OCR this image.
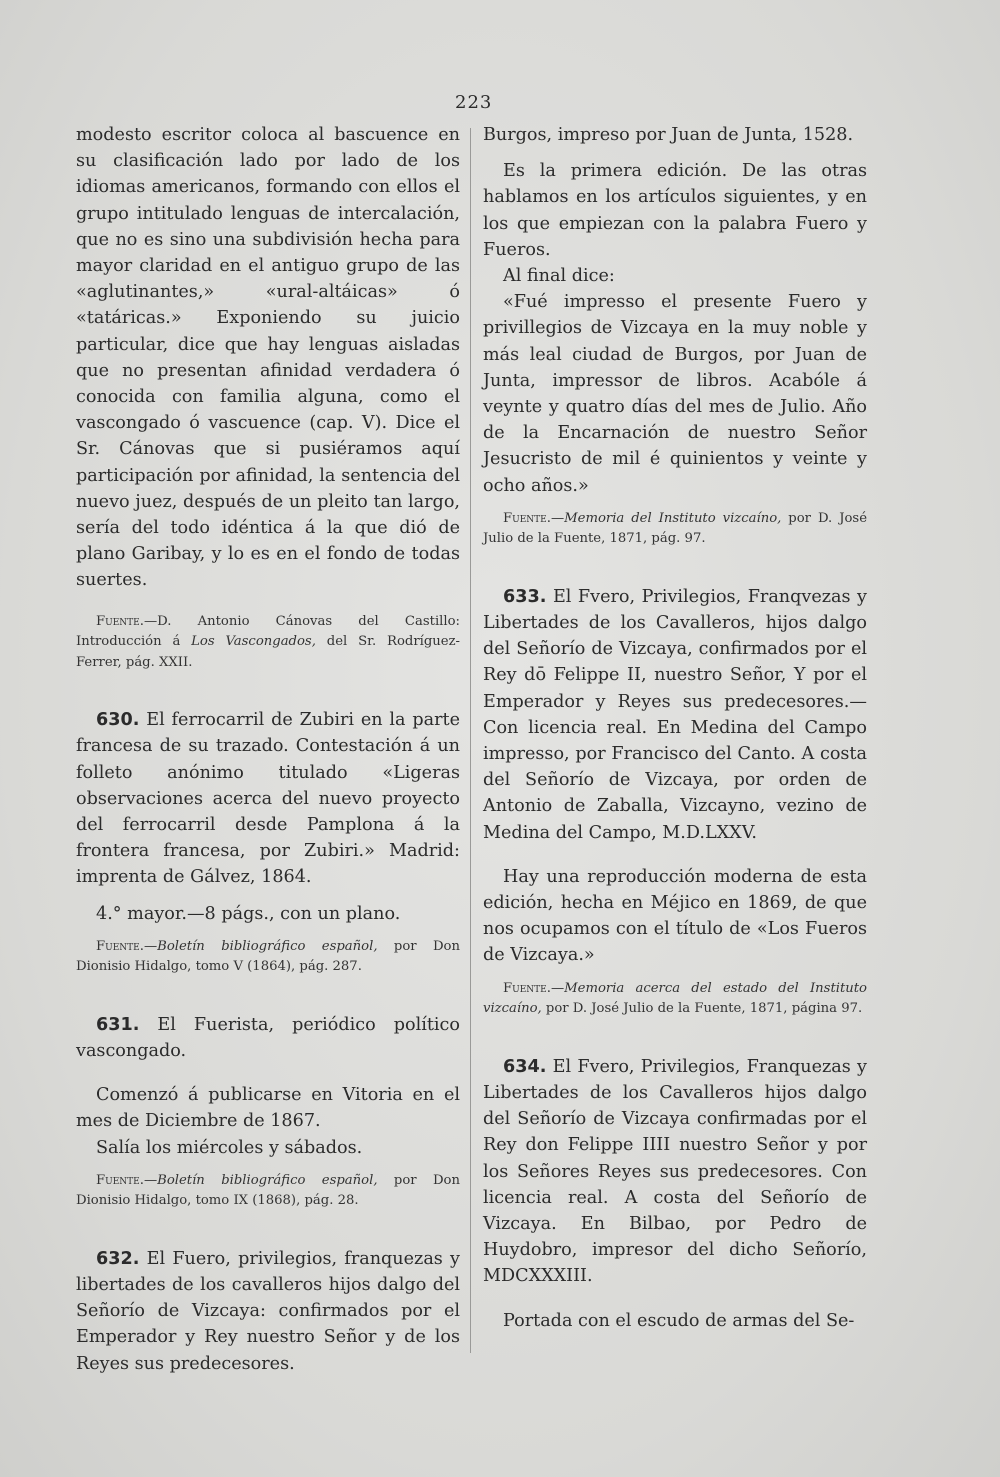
223

modesto escritor coloca al bascuence en su clasificación lado por lado de los idiomas americanos, formando con ellos el grupo intitulado lenguas de intercalación, que no es sino una subdivisión hecha para mayor claridad en el antiguo grupo de las «aglutinantes,» «ural-altáicas» ó «tatáricas.» Exponiendo su juicio particular, dice que hay lenguas aisladas que no presentan afinidad verdadera ó conocida con familia alguna, como el vascongado ó vascuence (cap. V). Dice el Sr. Cánovas que si pusiéramos aquí participación por afinidad, la sentencia del nuevo juez, después de un pleito tan largo, sería del todo idéntica á la que dió de plano Garibay, y lo es en el fondo de todas suertes.

Fuente.—D. Antonio Cánovas del Castillo: Introducción á Los Vascongados, del Sr. Rodríguez-Ferrer, pág. XXII.

630. El ferrocarril de Zubiri en la parte francesa de su trazado. Contestación á un folleto anónimo titulado «Ligeras observaciones acerca del nuevo proyecto del ferrocarril desde Pamplona á la frontera francesa, por Zubiri.» Madrid: imprenta de Gálvez, 1864.

4.° mayor.—8 págs., con un plano.

Fuente.—Boletín bibliográfico español, por Don Dionisio Hidalgo, tomo V (1864), pág. 287.

631. El Fuerista, periódico político vascongado.

Comenzó á publicarse en Vitoria en el mes de Diciembre de 1867.

Salía los miércoles y sábados.

Fuente.—Boletín bibliográfico español, por Don Dionisio Hidalgo, tomo IX (1868), pág. 28.

632. El Fuero, privilegios, franquezas y libertades de los cavalleros hijos dalgo del Señorío de Vizcaya: confirmados por el Emperador y Rey nuestro Señor y de los Reyes sus predecesores.

Burgos, impreso por Juan de Junta, 1528.

Es la primera edición. De las otras hablamos en los artículos siguientes, y en los que empiezan con la palabra Fuero y Fueros.

Al final dice:

«Fué impresso el presente Fuero y privillegios de Vizcaya en la muy noble y más leal ciudad de Burgos, por Juan de Junta, impressor de libros. Acabóle á veynte y quatro días del mes de Julio. Año de la Encarnación de nuestro Señor Jesucristo de mil é quinientos y veinte y ocho años.»

Fuente.—Memoria del Instituto vizcaíno, por D. José Julio de la Fuente, 1871, pág. 97.

633. El Fvero, Privilegios, Franqvezas y Libertades de los Cavalleros, hijos dalgo del Señorío de Vizcaya, confirmados por el Rey dō Felippe II, nuestro Señor, Y por el Emperador y Reyes sus predecesores.—Con licencia real. En Medina del Campo impresso, por Francisco del Canto. A costa del Señorío de Vizcaya, por orden de Antonio de Zaballa, Vizcayno, vezino de Medina del Campo, M.D.LXXV.

Hay una reproducción moderna de esta edición, hecha en Méjico en 1869, de que nos ocupamos con el título de «Los Fueros de Vizcaya.»

Fuente.—Memoria acerca del estado del Instituto vizcaíno, por D. José Julio de la Fuente, 1871, página 97.

634. El Fvero, Privilegios, Franquezas y Libertades de los Cavalleros hijos dalgo del Señorío de Vizcaya confirmadas por el Rey don Felippe IIII nuestro Señor y por los Señores Reyes sus predecesores. Con licencia real. A costa del Señorío de Vizcaya. En Bilbao, por Pedro de Huydobro, impresor del dicho Señorío, MDCXXXIII.

Portada con el escudo de armas del Se-
